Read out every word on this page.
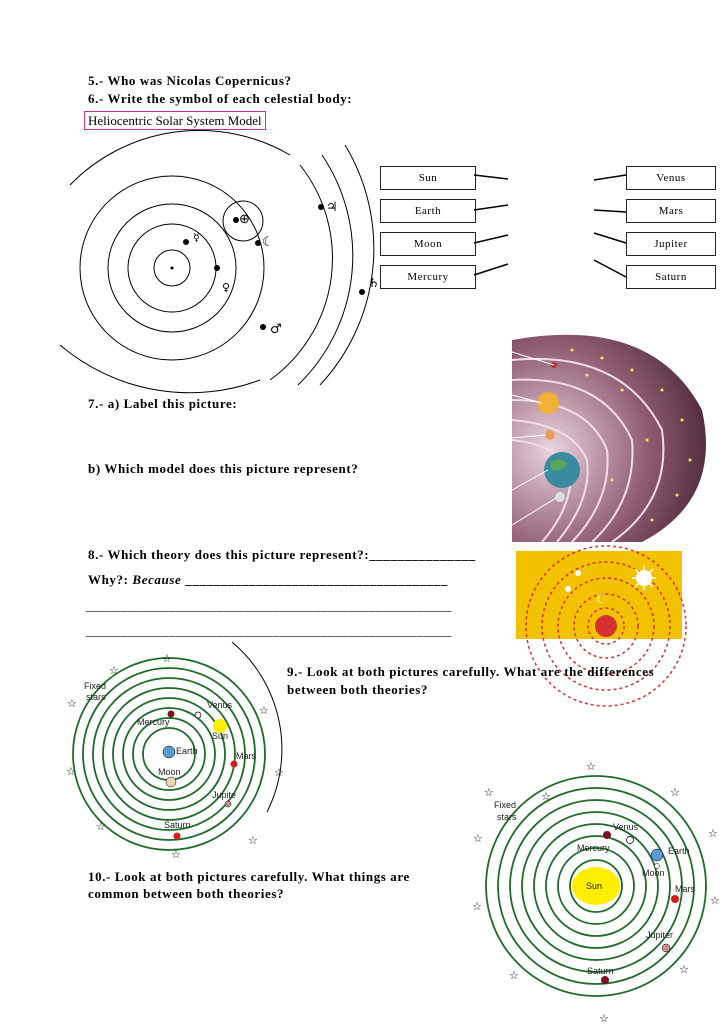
5.- Who was Nicolas Copernicus?
6.- Write the symbol of each celestial body:
Heliocentric Solar System Model
☿
♀
⊕
☾
♂
♃
♄
Sun
Earth
Moon
Mercury
Venus
Mars
Jupiter
Saturn
7.- a) Label this picture:
b) Which model does this picture represent?
8.- Which theory does this picture represent?:_______________
Why?: Because _____________________________________
_____________________________________________________
_____________________________________________________
☾
Fixed
stars
Venus
Mercury
Sun
Earth	Mars
Moon
Jupite
Saturn
☆
☆
☆
☆
☆	☆
☆
☆
☆
9.- Look at both pictures carefully. What are the differences
between both theories?
10.- Look at both pictures carefully. What things are
common between both theories?
Fixed
stars
Venus
Mercury	Earth
Moon
Sun	Mars
Jupiter
Saturn
☆
☆	☆	☆
☆	☆
☆	☆
☆	☆
☆
